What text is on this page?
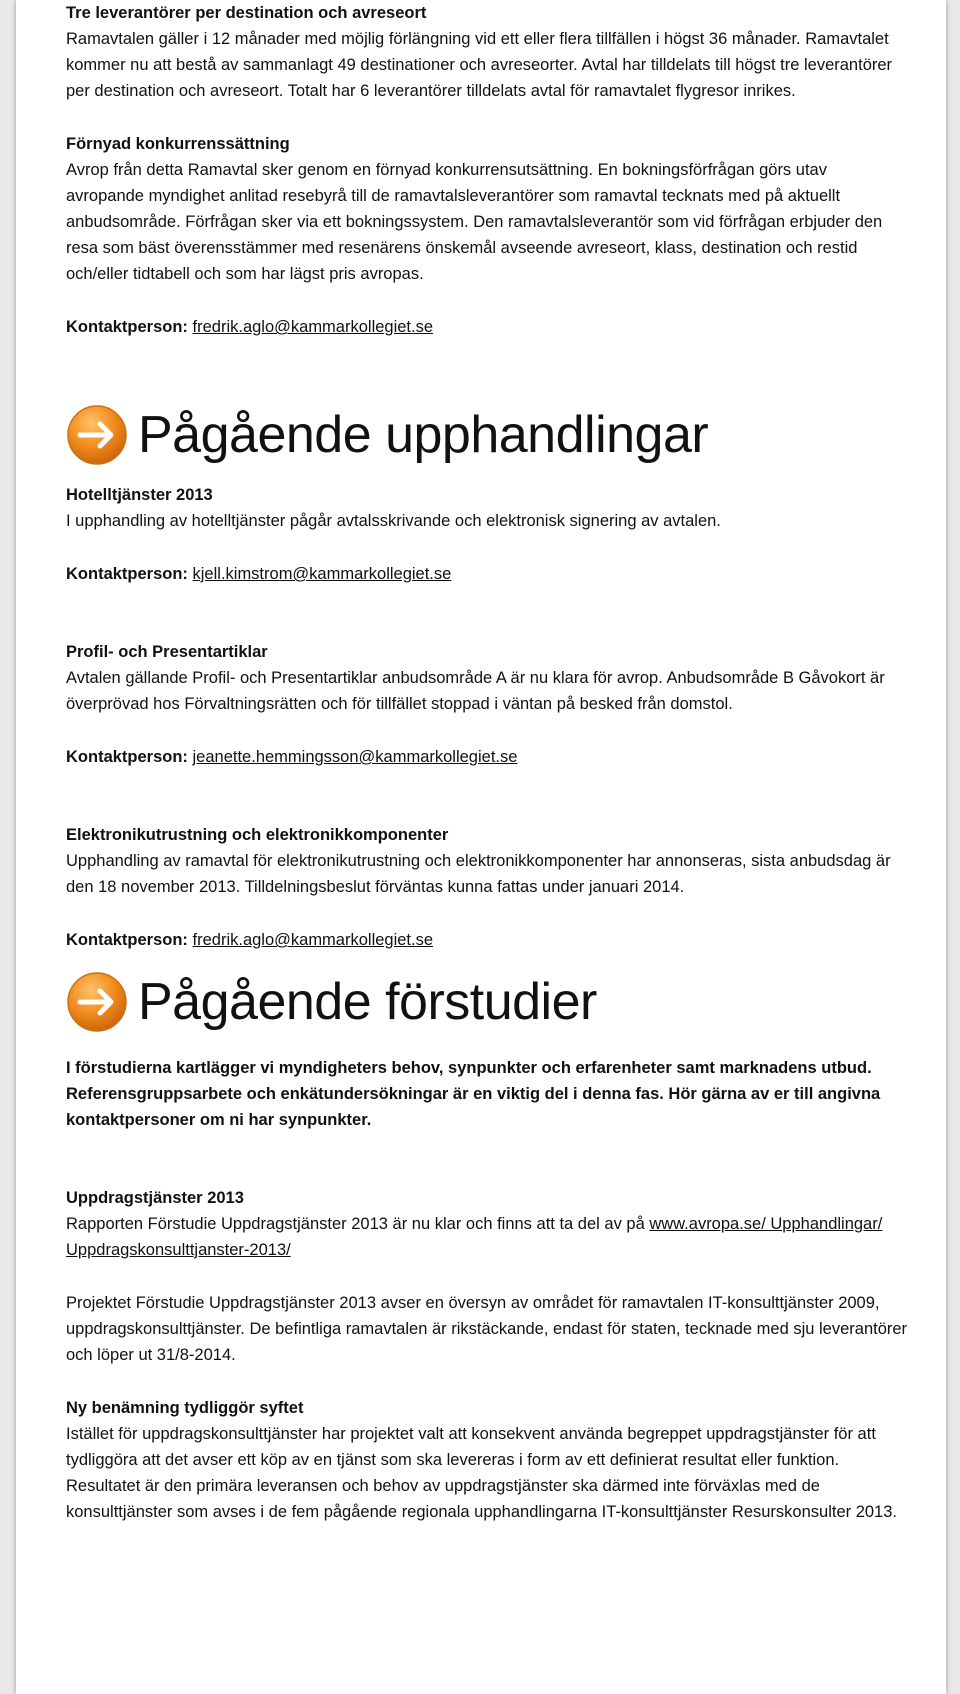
Tre leverantörer per destination och avreseort

Ramavtalen gäller i 12 månader med möjlig förlängning vid ett eller flera tillfällen i högst 36 månader. Ramavtalet kommer nu att bestå av sammanlagt 49 destinationer och avreseorter. Avtal har tilldelats till högst tre leverantörer per destination och avreseort. Totalt har 6 leverantörer tilldelats avtal för ramavtalet flygresor inrikes.

Förnyad konkurrenssättning

Avrop från detta Ramavtal sker genom en förnyad konkurrensutsättning. En bokningsförfrågan görs utav avropande myndighet anlitad resebyrå till de ramavtalsleverantörer som ramavtal tecknats med på aktuellt anbudsområde. Förfrågan sker via ett bokningssystem. Den ramavtalsleverantör som vid förfrågan erbjuder den resa som bäst överensstämmer med resenärens önskemål avseende avreseort, klass, destination och restid och/eller tidtabell och som har lägst pris avropas.

Kontaktperson: fredrik.aglo@kammarkollegiet.se

Pågående upphandlingar

Hotelltjänster 2013

I upphandling av hotelltjänster pågår avtalsskrivande och elektronisk signering av avtalen.

Kontaktperson: kjell.kimstrom@kammarkollegiet.se

Profil- och Presentartiklar

Avtalen gällande Profil- och Presentartiklar anbudsområde A är nu klara för avrop. Anbudsområde B Gåvokort är överprövad hos Förvaltningsrätten och för tillfället stoppad i väntan på besked från domstol.

Kontaktperson: jeanette.hemmingsson@kammarkollegiet.se

Elektronikutrustning och elektronikkomponenter

Upphandling av ramavtal för elektronikutrustning och elektronikkomponenter har annonseras, sista anbudsdag är den 18 november 2013. Tilldelningsbeslut förväntas kunna fattas under januari 2014.

Kontaktperson: fredrik.aglo@kammarkollegiet.se

Pågående förstudier

I förstudierna kartlägger vi myndigheters behov, synpunkter och erfarenheter samt marknadens utbud. Referensgruppsarbete och enkätundersökningar är en viktig del i denna fas. Hör gärna av er till angivna kontaktpersoner om ni har synpunkter.

Uppdragstjänster 2013

Rapporten Förstudie Uppdragstjänster 2013 är nu klar och finns att ta del av på www.avropa.se/ Upphandlingar/ Uppdragskonsulttjanster-2013/

Projektet Förstudie Uppdragstjänster 2013 avser en översyn av området för ramavtalen IT-konsulttjänster 2009, uppdragskonsulttjänster. De befintliga ramavtalen är rikstäckande, endast för staten, tecknade med sju leverantörer och löper ut 31/8-2014.

Ny benämning tydliggör syftet

Istället för uppdragskonsulttjänster har projektet valt att konsekvent använda begreppet uppdragstjänster för att tydliggöra att det avser ett köp av en tjänst som ska levereras i form av ett definierat resultat eller funktion. Resultatet är den primära leveransen och behov av uppdragstjänster ska därmed inte förväxlas med de konsulttjänster som avses i de fem pågående regionala upphandlingarna IT-konsulttjänster Resurskonsulter 2013.
